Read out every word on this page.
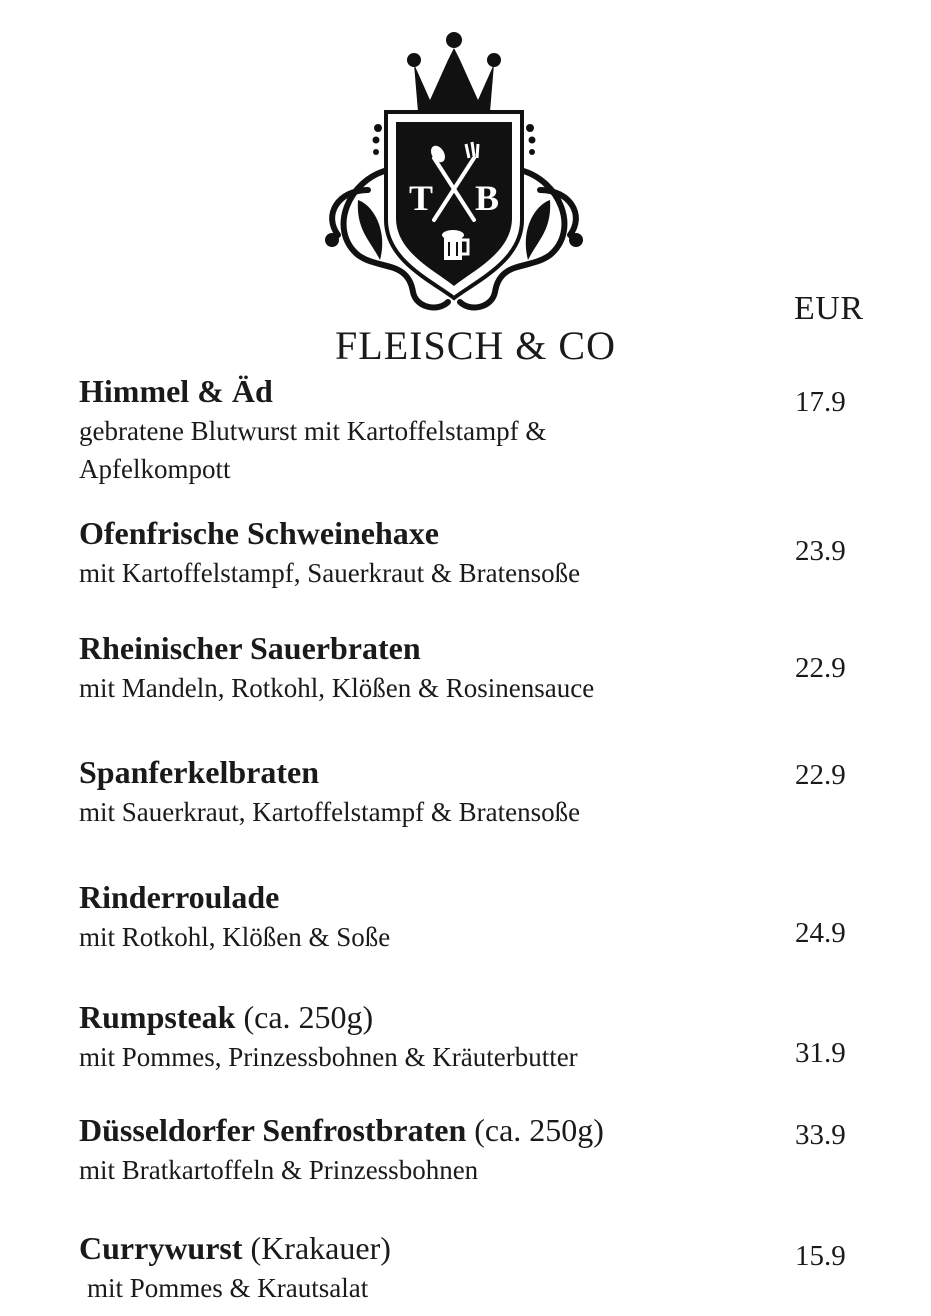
T B
EUR
FLEISCH & CO
Himmel & Äd
gebratene Blutwurst mit Kartoffelstampf & Apfelkompott
17.9
Ofenfrische Schweinehaxe
mit Kartoffelstampf, Sauerkraut & Bratensoße
23.9
Rheinischer Sauerbraten
mit Mandeln, Rotkohl, Klößen & Rosinensauce
22.9
Spanferkelbraten
mit Sauerkraut, Kartoffelstampf & Bratensoße
22.9
Rinderroulade
mit Rotkohl, Klößen & Soße	24.9
Rumpsteak (ca. 250g)
mit Pommes, Prinzessbohnen & Kräuterbutter	31.9
Düsseldorfer Senfrostbraten (ca. 250g)
mit Bratkartoffeln & Prinzessbohnen
33.9
Currywurst (Krakauer)
mit Pommes & Krautsalat
15.9
